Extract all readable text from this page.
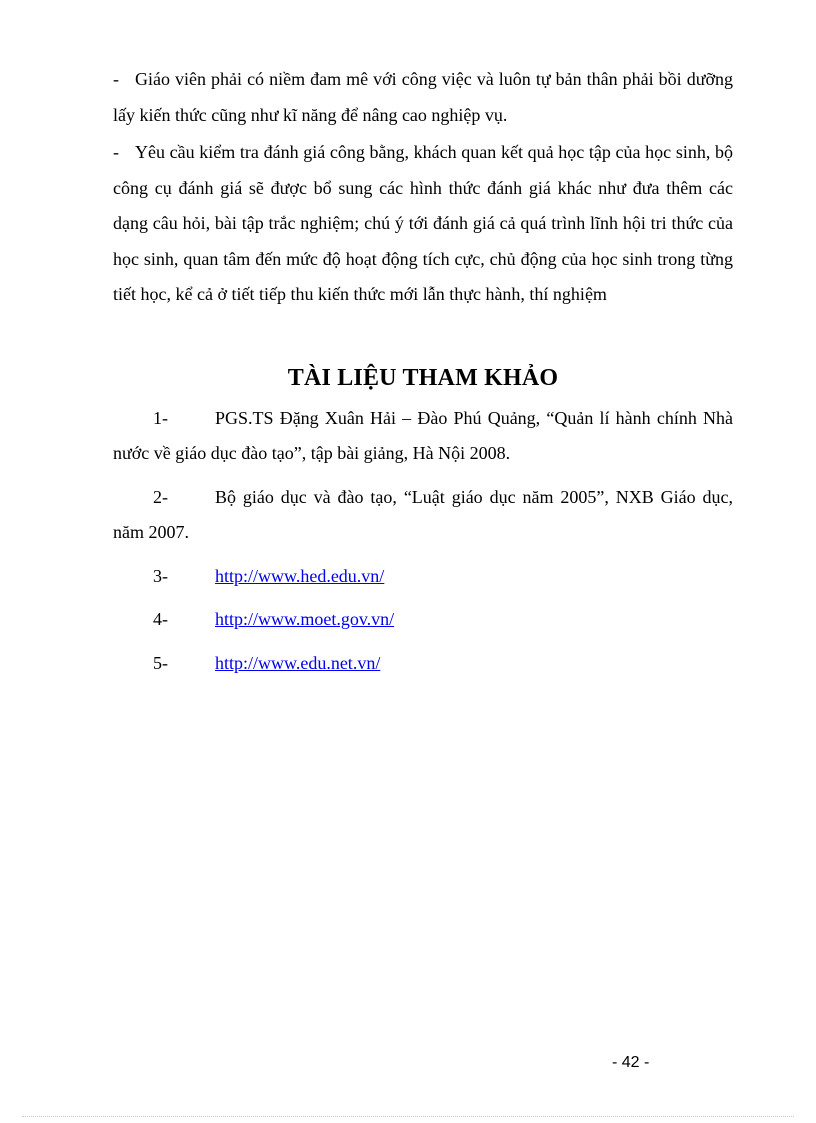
- Giáo viên phải có niềm đam mê với công việc và luôn tự bản thân phải bồi dưỡng lấy kiến thức cũng như kĩ năng để nâng cao nghiệp vụ.

- Yêu cầu kiểm tra đánh giá công bằng, khách quan kết quả học tập của học sinh, bộ công cụ đánh giá sẽ được bổ sung các hình thức đánh giá khác như đưa thêm các dạng câu hỏi, bài tập trắc nghiệm; chú ý tới đánh giá cả quá trình lĩnh hội tri thức của học sinh, quan tâm đến mức độ hoạt động tích cực, chủ động của học sinh trong từng tiết học, kể cả ở tiết tiếp thu kiến thức mới lẫn thực hành, thí nghiệm

TÀI LIỆU THAM KHẢO

1-	PGS.TS Đặng Xuân Hải – Đào Phú Quảng, “Quản lí hành chính Nhà nước về giáo dục đào tạo”, tập bài giảng, Hà Nội 2008.

2-	Bộ giáo dục và đào tạo, “Luật giáo dục năm 2005”, NXB Giáo dục, năm 2007.

3-	http://www.hed.edu.vn/

4-	http://www.moet.gov.vn/

5-	http://www.edu.net.vn/

- 42 -
